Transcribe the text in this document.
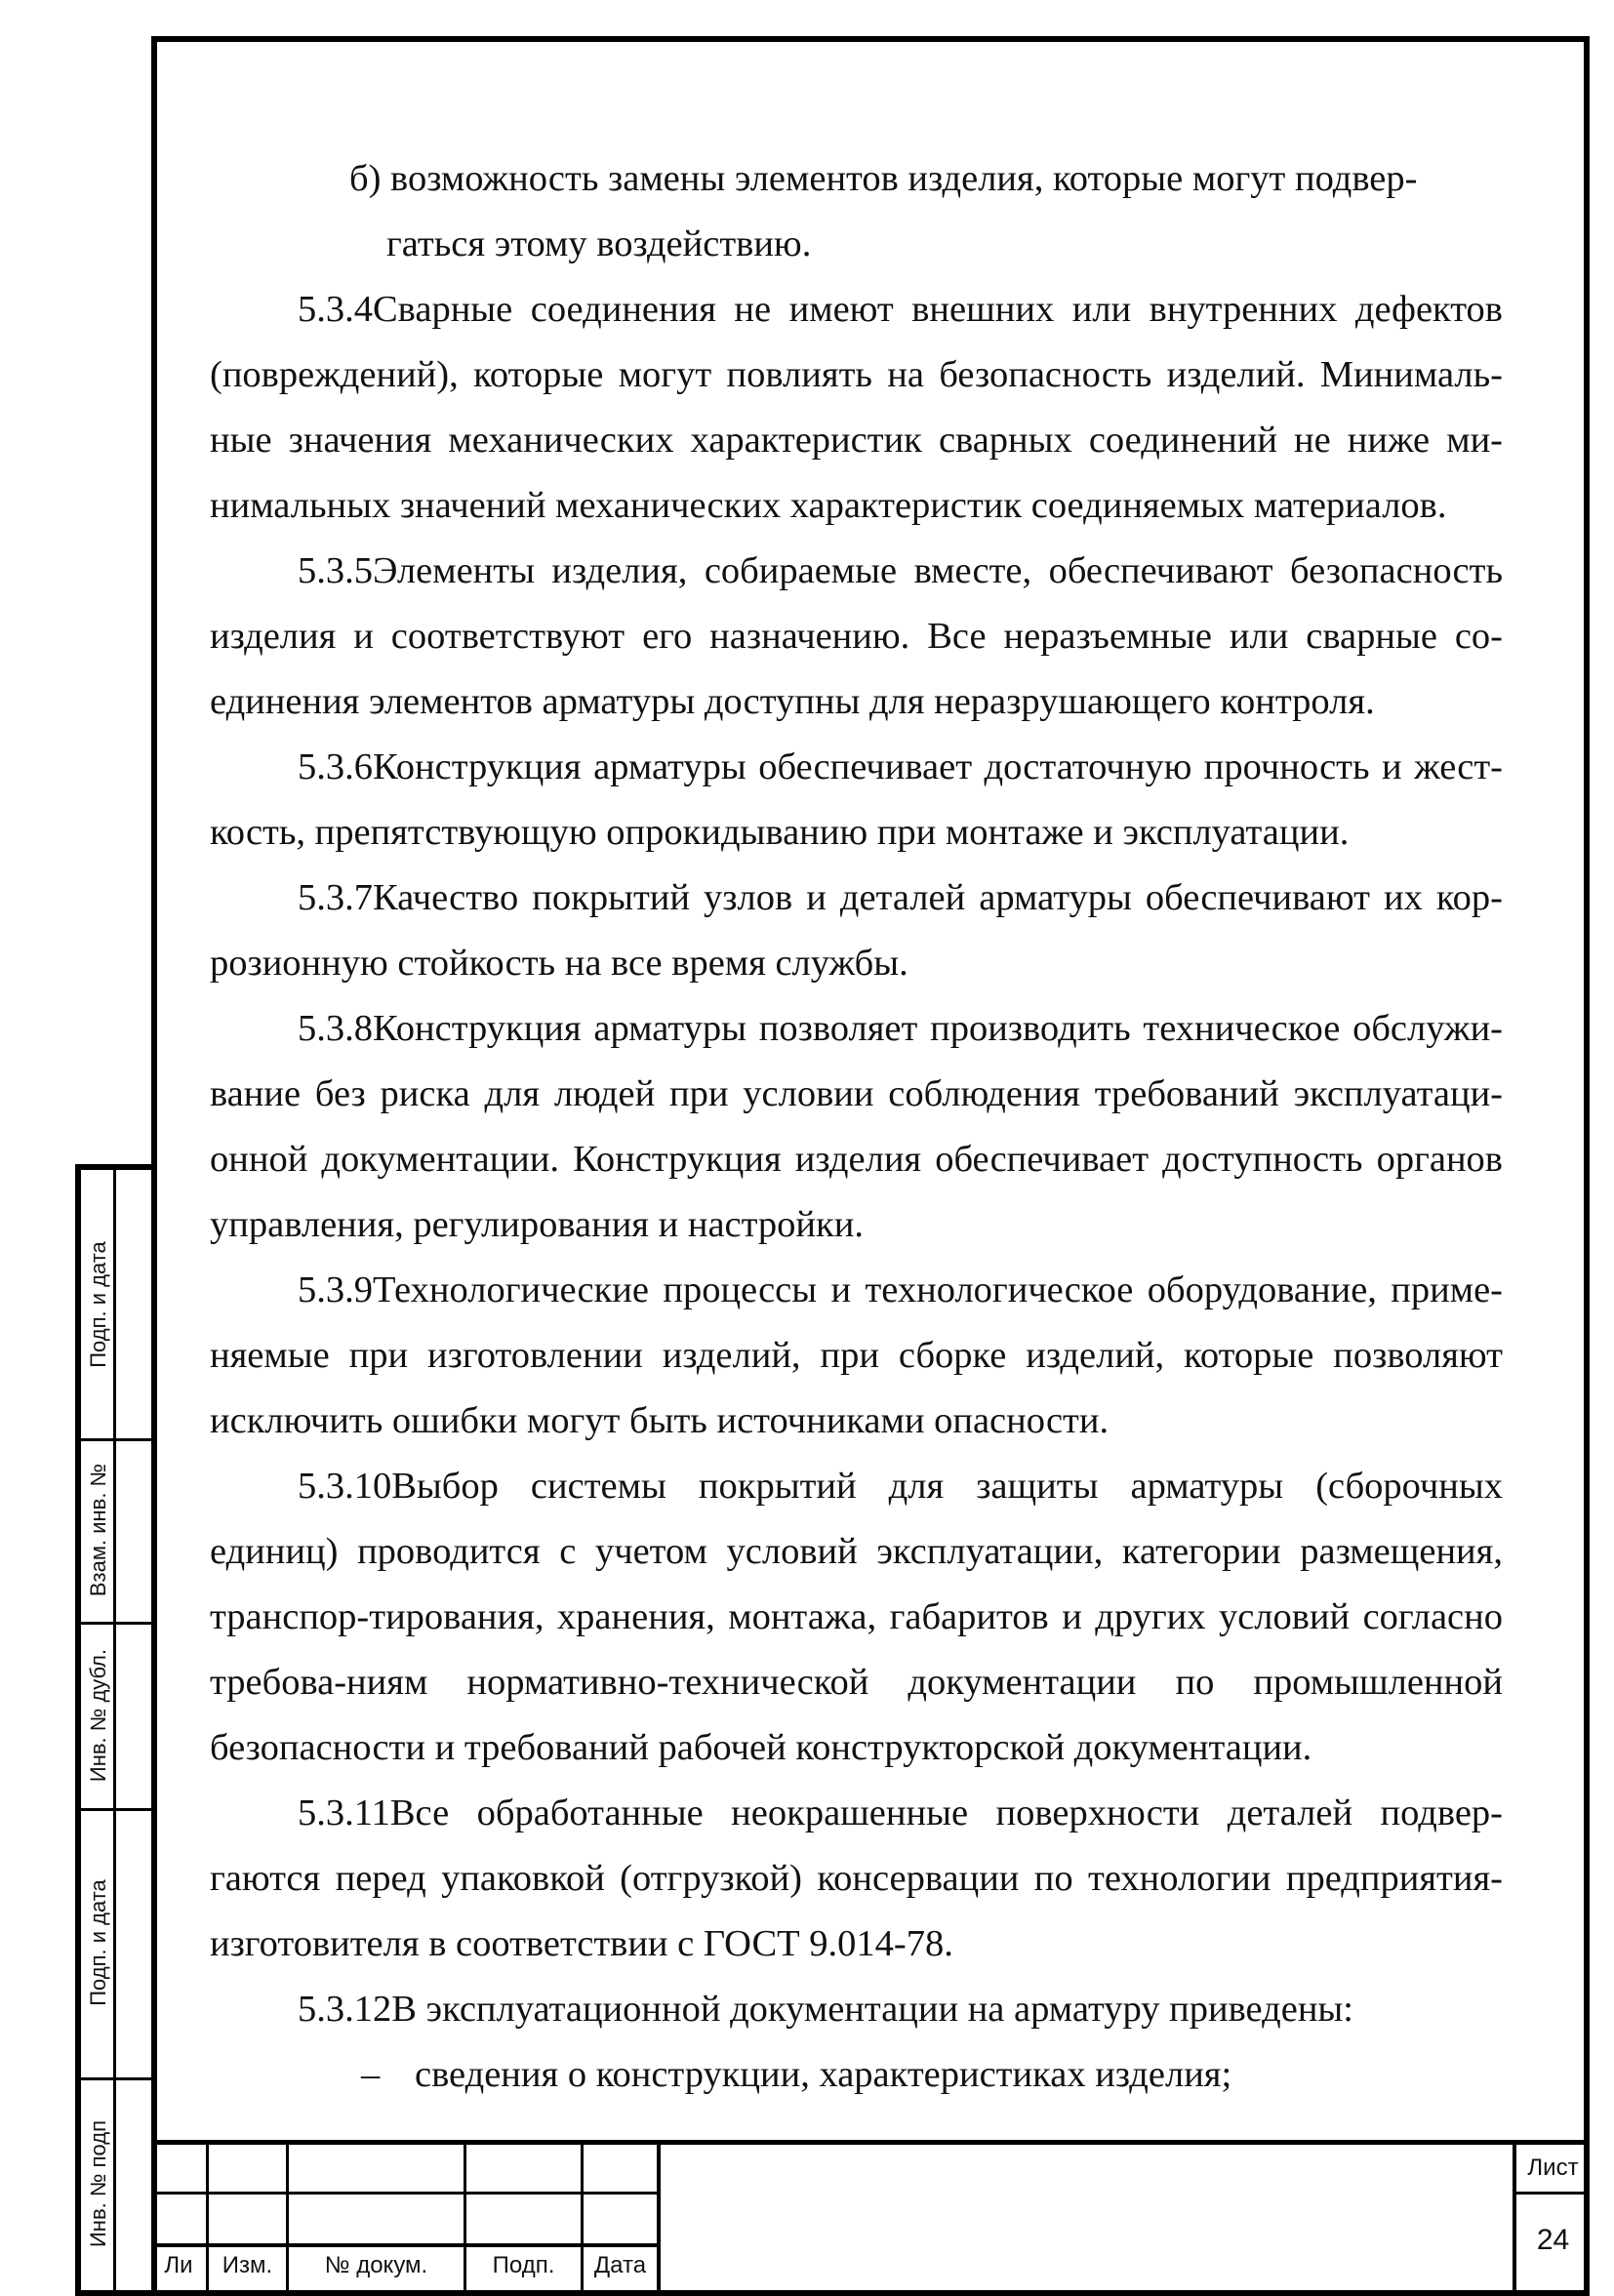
б) возможность замены элементов изделия, которые могут подвер-
гаться этому воздействию.

5.3.4Сварные соединения не имеют внешних или внутренних дефектов (повреждений), которые могут повлиять на безопасность изделий. Минималь-ные значения механических характеристик сварных соединений не ниже ми-нимальных значений механических характеристик соединяемых материалов.

5.3.5Элементы изделия, собираемые вместе, обеспечивают безопасность изделия и соответствуют его назначению. Все неразъемные или сварные со-единения элементов арматуры доступны для неразрушающего контроля.

5.3.6Конструкция арматуры обеспечивает достаточную прочность и жест-кость, препятствующую опрокидыванию при монтаже и эксплуатации.

5.3.7Качество покрытий узлов и деталей арматуры обеспечивают их кор-розионную стойкость на все время службы.

5.3.8Конструкция арматуры позволяет производить техническое обслужи-вание без риска для людей при условии соблюдения требований эксплуатаци-онной документации. Конструкция изделия обеспечивает доступность органов управления, регулирования и настройки.

5.3.9Технологические процессы и технологическое оборудование, приме-няемые при изготовлении изделий, при сборке изделий, которые позволяют исключить ошибки могут быть источниками опасности.

5.3.10Выбор системы покрытий для защиты арматуры (сборочных единиц) проводится с учетом условий эксплуатации, категории размещения, транспор-тирования, хранения, монтажа, габаритов и других условий согласно требова-ниям нормативно-технической документации по промышленной безопасности и требований рабочей конструкторской документации.

5.3.11Все обработанные неокрашенные поверхности деталей подвер-гаются перед упаковкой (отгрузкой) консервации по технологии предприятия-изготовителя в соответствии с ГОСТ 9.014-78.

5.3.12В эксплуатационной документации на арматуру приведены:

– сведения о конструкции, характеристиках изделия;

Подп. и дата
Взам. инв. №
Инв. № дубл.
Подп. и дата
Инв. № подп
Ли	Изм.	№ докум.	Подп.	Дата
Лист
24
